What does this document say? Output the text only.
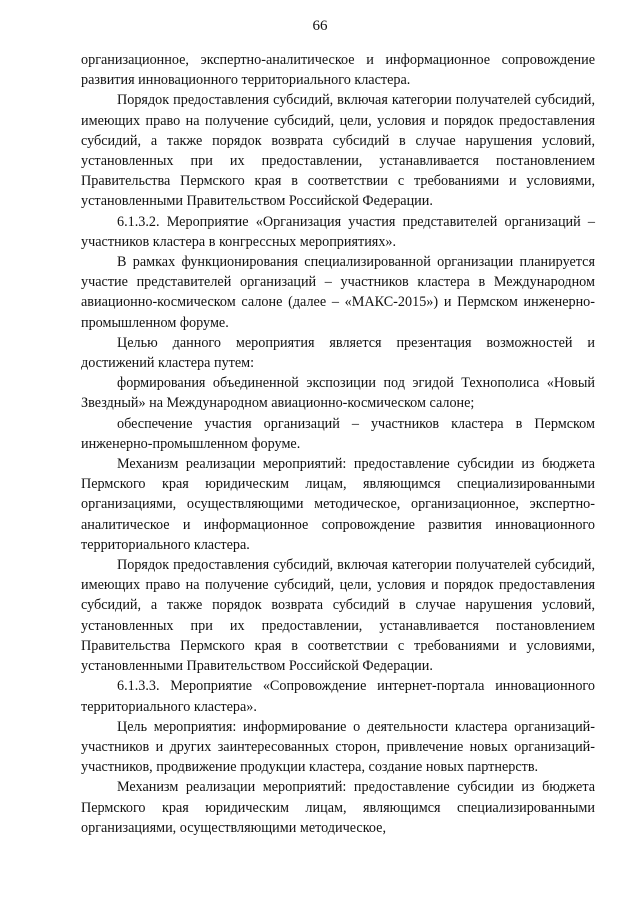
66

организационное, экспертно-аналитическое и информационное сопровождение развития инновационного территориального кластера.

Порядок предоставления субсидий, включая категории получателей субсидий, имеющих право на получение субсидий, цели, условия и порядок предоставления субсидий, а также порядок возврата субсидий в случае нарушения условий, установленных при их предоставлении, устанавливается постановлением Правительства Пермского края в соответствии с требованиями и условиями, установленными Правительством Российской Федерации.

6.1.3.2. Мероприятие «Организация участия представителей организаций – участников кластера в конгрессных мероприятиях».

В рамках функционирования специализированной организации планируется участие представителей организаций – участников кластера в Международном авиационно-космическом салоне (далее – «МАКС-2015») и Пермском инженерно-промышленном форуме.

Целью данного мероприятия является презентация возможностей и достижений кластера путем:

формирования объединенной экспозиции под эгидой Технополиса «Новый Звездный» на Международном авиационно-космическом салоне;

обеспечение участия организаций – участников кластера в Пермском инженерно-промышленном форуме.

Механизм реализации мероприятий: предоставление субсидии из бюджета Пермского края юридическим лицам, являющимся специализированными организациями, осуществляющими методическое, организационное, экспертно-аналитическое и информационное сопровождение развития инновационного территориального кластера.

Порядок предоставления субсидий, включая категории получателей субсидий, имеющих право на получение субсидий, цели, условия и порядок предоставления субсидий, а также порядок возврата субсидий в случае нарушения условий, установленных при их предоставлении, устанавливается постановлением Правительства Пермского края в соответствии с требованиями и условиями, установленными Правительством Российской Федерации.

6.1.3.3. Мероприятие «Сопровождение интернет-портала инновационного территориального кластера».

Цель мероприятия: информирование о деятельности кластера организаций-участников и других заинтересованных сторон, привлечение новых организаций-участников, продвижение продукции кластера, создание новых партнерств.

Механизм реализации мероприятий: предоставление субсидии из бюджета Пермского края юридическим лицам, являющимся специализированными организациями, осуществляющими методическое,
